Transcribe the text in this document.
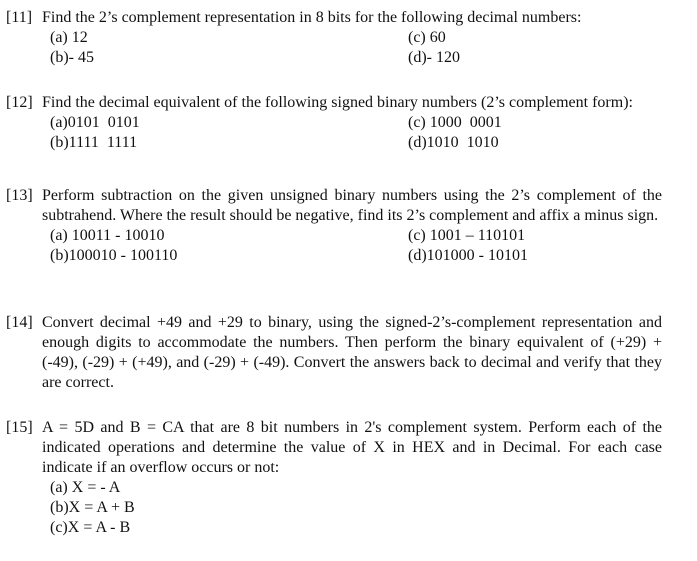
[11] Find the 2’s complement representation in 8 bits for the following decimal numbers:
(a) 12	(c) 60
(b)- 45	(d)- 120
[12] Find the decimal equivalent of the following signed binary numbers (2’s complement form):
(a)0101  0101	(c) 1000  0001
(b)1111  1111	(d)1010  1010
[13] Perform subtraction on the given unsigned binary numbers using the 2’s complement of the subtrahend. Where the result should be negative, find its 2’s complement and affix a minus sign.
(a) 10011 - 10010	(c) 1001 – 110101
(b)100010 - 100110	(d)101000 - 10101
[14] Convert decimal +49 and +29 to binary, using the signed-2’s-complement representation and enough digits to accommodate the numbers. Then perform the binary equivalent of (+29) + (-49), (-29) + (+49), and (-29) + (-49). Convert the answers back to decimal and verify that they are correct.
[15] A = 5D and B = CA that are 8 bit numbers in 2's complement system. Perform each of the indicated operations and determine the value of X in HEX and in Decimal. For each case indicate if an overflow occurs or not:
(a) X = - A
(b)X = A + B
(c)X = A - B
